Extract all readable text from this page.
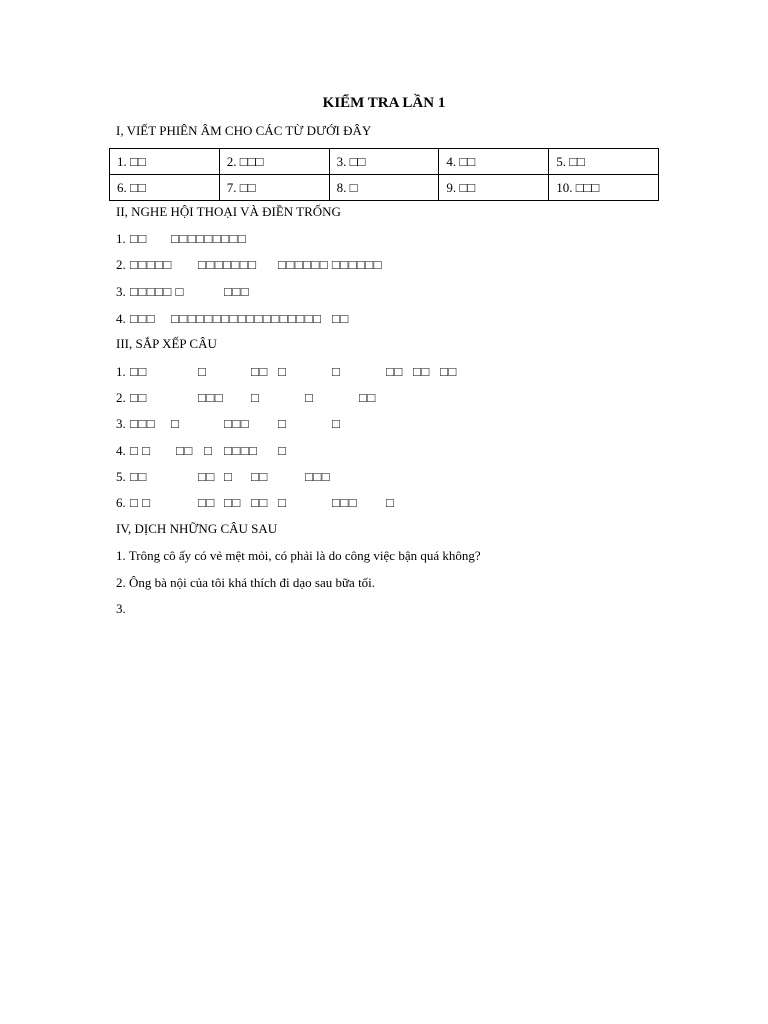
KIỂM TRA LẦN 1
I, VIẾT PHIÊN ÂM CHO CÁC TỪ DƯỚI ĐÂY
1. □□	2. □□□	3. □□	4. □□	5. □□
6. □□	7. □□	8. □	9. □□	10. □□□
II, NGHE HỘI THOẠI VÀ ĐIỀN TRỐNG
1. □□ □□□□□□□□□
2. □□□□□ □□□□□□□ □□□□□□ □□□□□□
3. □□□□□ □	□□□
4. □□□ □□□□□□□□□□□□□□□□□□ □□
III, SẮP XẾP CÂU
1. □□	□	□□ □	□	□□ □□ □□
2. □□	□□□ □	□	□□
3. □□□ □	□□□ □	□
4. □ □ □□ □ □□□□ □
5. □□	□□ □ □□	□□□
6. □ □	□□ □□ □□ □	□□□ □
IV, DỊCH NHỮNG CÂU SAU
1. Trông cô ấy có vẻ mệt mỏi, có phải là do công việc bận quá không?
2. Ông bà nội của tôi khá thích đi dạo sau bữa tối.
3.
